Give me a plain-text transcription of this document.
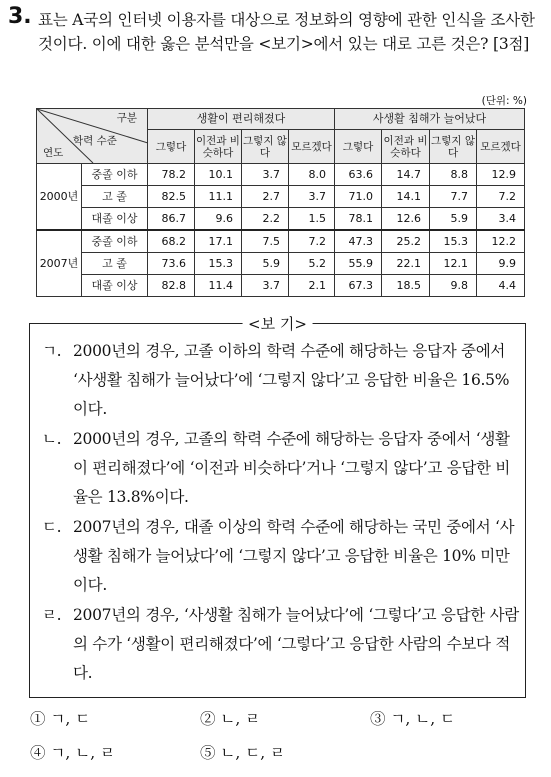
3. 표는 A국의 인터넷 이용자를 대상으로 정보화의 영향에 관한 인식을 조사한 것이다. 이에 대한 옳은 분석만을 <보기>에서 있는 대로 고른 것은? [3점]
(단위: %)
구분
학력 수준
연도		생활이 편리해졌다				사생활 침해가 늘어났다			
		그렇다	이전과 비슷하다	그렇지 않다	모르겠다	그렇다	이전과 비슷하다	그렇지 않다	모르겠다
2000년	중졸 이하	78.2	10.1	3.7	8.0	63.6	14.7	8.8	12.9
	고 졸	82.5	11.1	2.7	3.7	71.0	14.1	7.7	7.2
	대졸 이상	86.7	9.6	2.2	1.5	78.1	12.6	5.9	3.4
2007년	중졸 이하	68.2	17.1	7.5	7.2	47.3	25.2	15.3	12.2
	고 졸	73.6	15.3	5.9	5.2	55.9	22.1	12.1	9.9
	대졸 이상	82.8	11.4	3.7	2.1	67.3	18.5	9.8	4.4
<보 기>
ㄱ. 2000년의 경우, 고졸 이하의 학력 수준에 해당하는 응답자 중에서 ‘사생활 침해가 늘어났다’에 ‘그렇지 않다’고 응답한 비율은 16.5%이다.
ㄴ. 2000년의 경우, 고졸의 학력 수준에 해당하는 응답자 중에서 ‘생활이 편리해졌다’에 ‘이전과 비슷하다’거나 ‘그렇지 않다’고 응답한 비율은 13.8%이다.
ㄷ. 2007년의 경우, 대졸 이상의 학력 수준에 해당하는 국민 중에서 ‘사생활 침해가 늘어났다’에 ‘그렇지 않다’고 응답한 비율은 10% 미만이다.
ㄹ. 2007년의 경우, ‘사생활 침해가 늘어났다’에 ‘그렇다’고 응답한 사람의 수가 ‘생활이 편리해졌다’에 ‘그렇다’고 응답한 사람의 수보다 적다.
① ㄱ, ㄷ	② ㄴ, ㄹ	③ ㄱ, ㄴ, ㄷ
④ ㄱ, ㄴ, ㄹ	⑤ ㄴ, ㄷ, ㄹ
